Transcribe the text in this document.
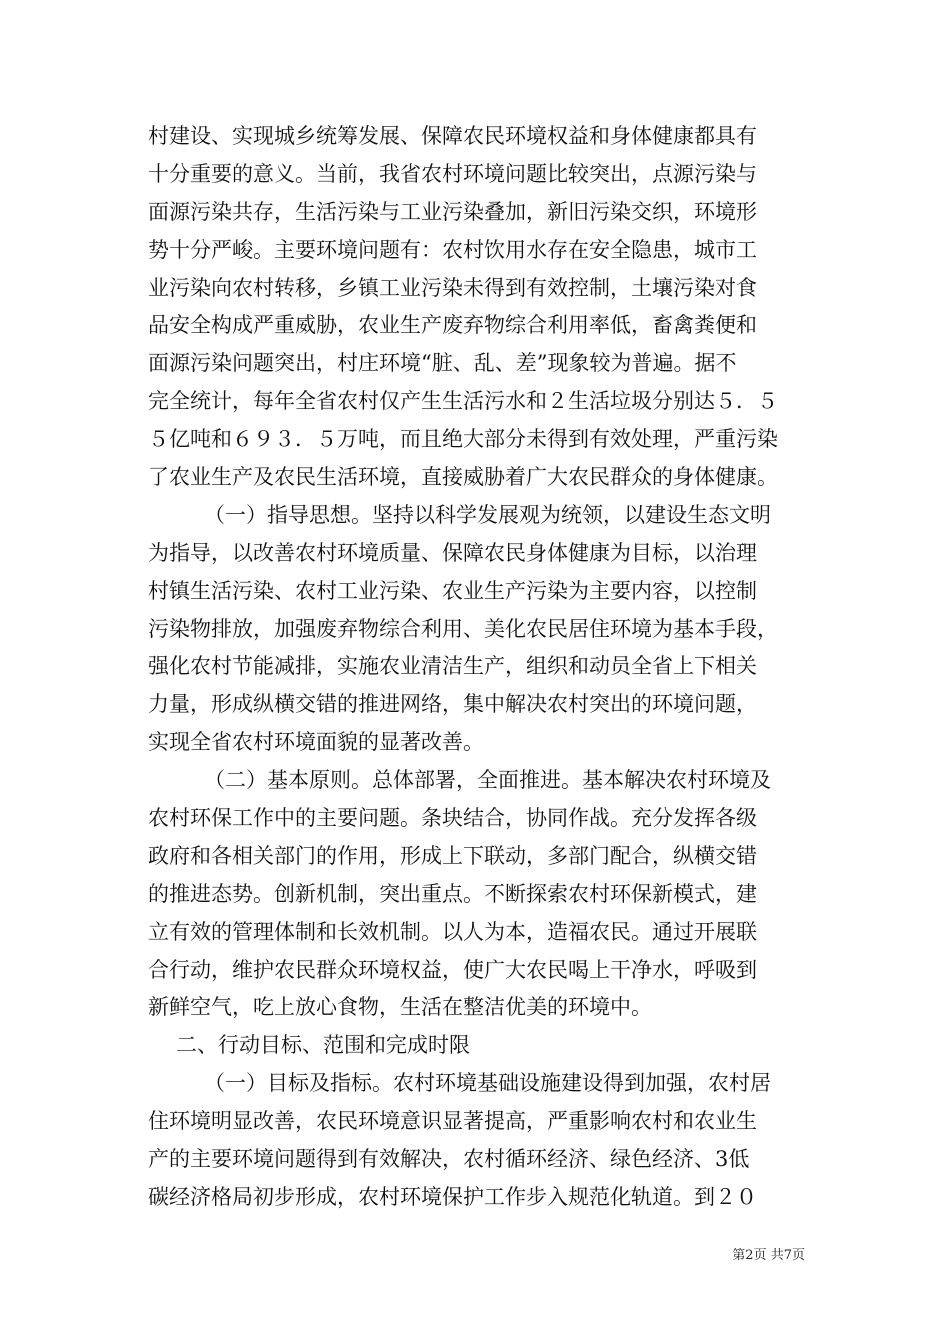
村建设、实现城乡统筹发展、保障农民环境权益和身体健康都具有
十分重要的意义。当前，我省农村环境问题比较突出，点源污染与
面源污染共存，生活污染与工业污染叠加，新旧污染交织，环境形
势十分严峻。主要环境问题有：农村饮用水存在安全隐患，城市工
业污染向农村转移，乡镇工业污染未得到有效控制，土壤污染对食
品安全构成严重威胁，农业生产废弃物综合利用率低，畜禽粪便和
面源污染问题突出，村庄环境“脏、乱、差”现象较为普遍。据不
完全统计，每年全省农村仅产生生活污水和２生活垃圾分别达５．５
５亿吨和６９３．５万吨，而且绝大部分未得到有效处理，严重污染
了农业生产及农民生活环境，直接威胁着广大农民群众的身体健康。
（一）指导思想。坚持以科学发展观为统领，以建设生态文明
为指导，以改善农村环境质量、保障农民身体健康为目标，以治理
村镇生活污染、农村工业污染、农业生产污染为主要内容，以控制
污染物排放，加强废弃物综合利用、美化农民居住环境为基本手段，
强化农村节能减排，实施农业清洁生产，组织和动员全省上下相关
力量，形成纵横交错的推进网络，集中解决农村突出的环境问题，
实现全省农村环境面貌的显著改善。
（二）基本原则。总体部署，全面推进。基本解决农村环境及
农村环保工作中的主要问题。条块结合，协同作战。充分发挥各级
政府和各相关部门的作用，形成上下联动，多部门配合，纵横交错
的推进态势。创新机制，突出重点。不断探索农村环保新模式，建
立有效的管理体制和长效机制。以人为本，造福农民。通过开展联
合行动，维护农民群众环境权益，使广大农民喝上干净水，呼吸到
新鲜空气，吃上放心食物，生活在整洁优美的环境中。
二、行动目标、范围和完成时限
（一）目标及指标。农村环境基础设施建设得到加强，农村居
住环境明显改善，农民环境意识显著提高，严重影响农村和农业生
产的主要环境问题得到有效解决，农村循环经济、绿色经济、3低
碳经济格局初步形成，农村环境保护工作步入规范化轨道。到２０
第2页 共7页
